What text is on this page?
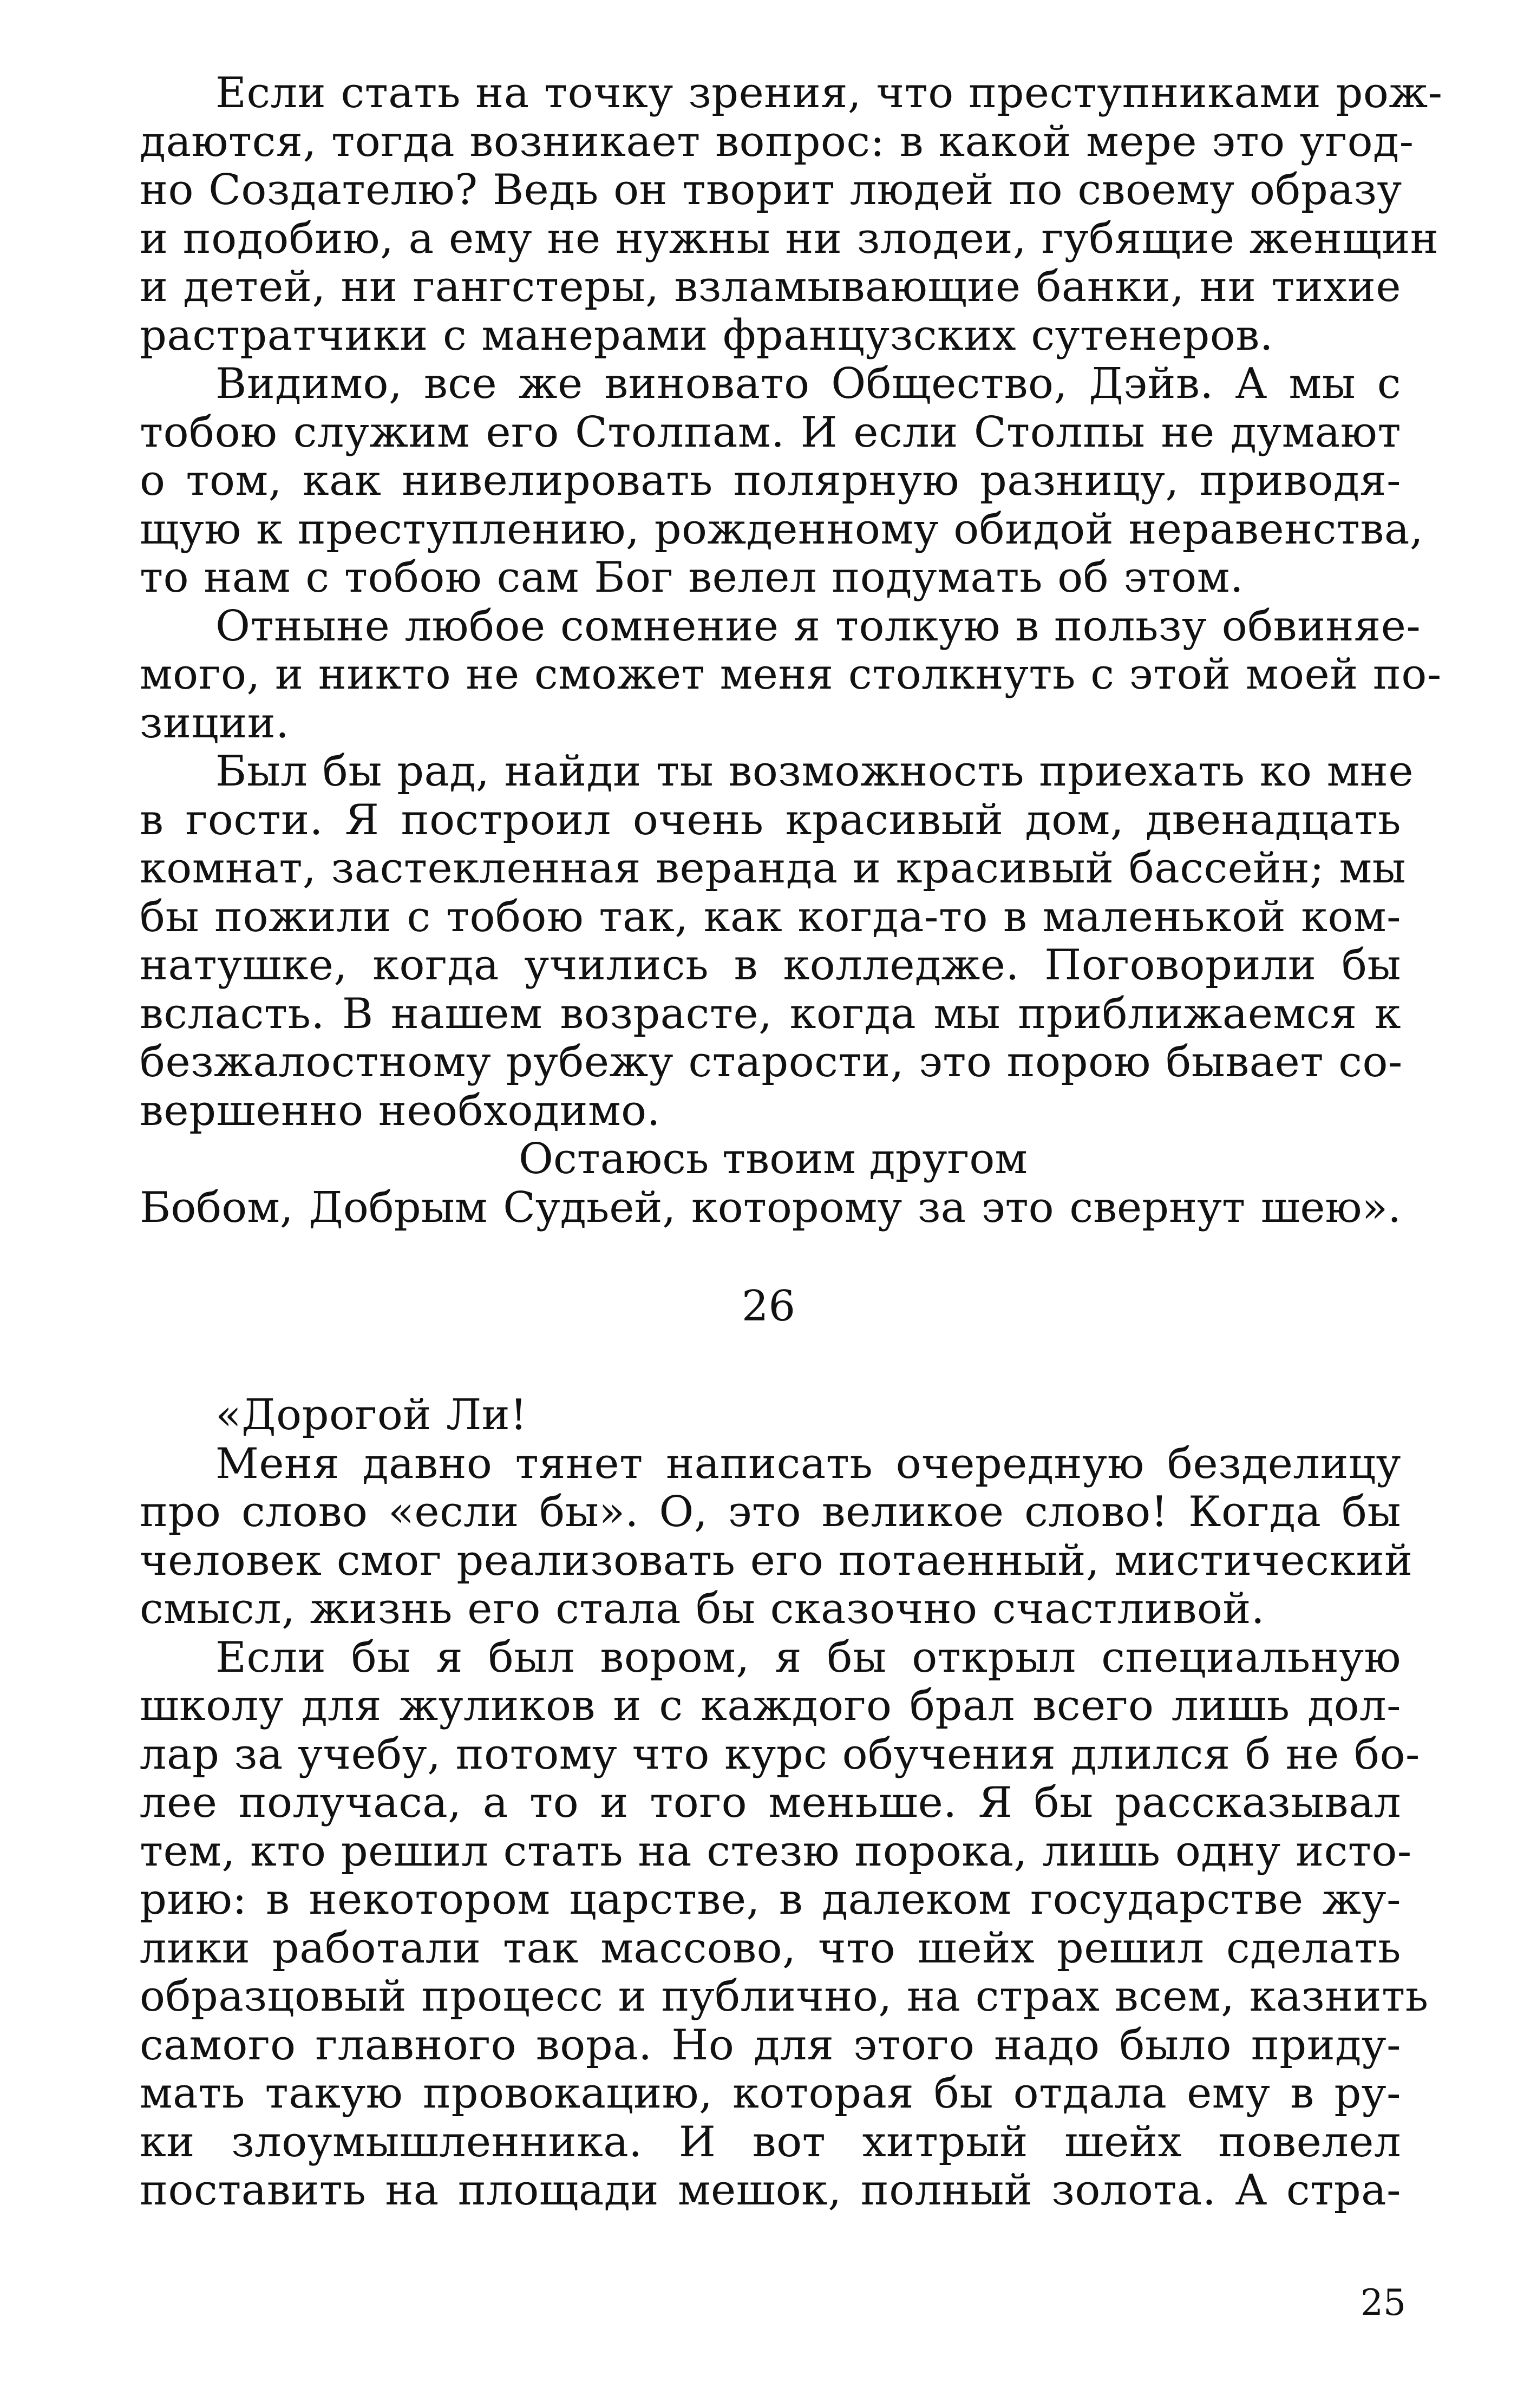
Если стать на точку зрения, что преступниками рож-
даются, тогда возникает вопрос: в какой мере это угод-
но Создателю? Ведь он творит людей по своему образу
и подобию, а ему не нужны ни злодеи, губящие женщин
и детей, ни гангстеры, взламывающие банки, ни тихие
растратчики с манерами французских сутенеров.
Видимо, все же виновато Общество, Дэйв. А мы с
тобою служим его Столпам. И если Столпы не думают
о том, как нивелировать полярную разницу, приводя-
щую к преступлению, рожденному обидой неравенства,
то нам с тобою сам Бог велел подумать об этом.
Отныне любое сомнение я толкую в пользу обвиняе-
мого, и никто не сможет меня столкнуть с этой моей по-
зиции.
Был бы рад, найди ты возможность приехать ко мне
в гости. Я построил очень красивый дом, двенадцать
комнат, застекленная веранда и красивый бассейн; мы
бы пожили с тобою так, как когда-то в маленькой ком-
натушке, когда учились в колледже. Поговорили бы
всласть. В нашем возрасте, когда мы приближаемся к
безжалостному рубежу старости, это порою бывает со-
вершенно необходимо.
Остаюсь твоим другом
Бобом, Добрым Судьей, которому за это свернут шею».
26
«Дорогой Ли!
Меня давно тянет написать очередную безделицу
про слово «если бы». О, это великое слово! Когда бы
человек смог реализовать его потаенный, мистический
смысл, жизнь его стала бы сказочно счастливой.
Если бы я был вором, я бы открыл специальную
школу для жуликов и с каждого брал всего лишь дол-
лар за учебу, потому что курс обучения длился б не бо-
лее получаса, а то и того меньше. Я бы рассказывал
тем, кто решил стать на стезю порока, лишь одну исто-
рию: в некотором царстве, в далеком государстве жу-
лики работали так массово, что шейх решил сделать
образцовый процесс и публично, на страх всем, казнить
самого главного вора. Но для этого надо было приду-
мать такую провокацию, которая бы отдала ему в ру-
ки злоумышленника. И вот хитрый шейх повелел
поставить на площади мешок, полный золота. А стра-
25
